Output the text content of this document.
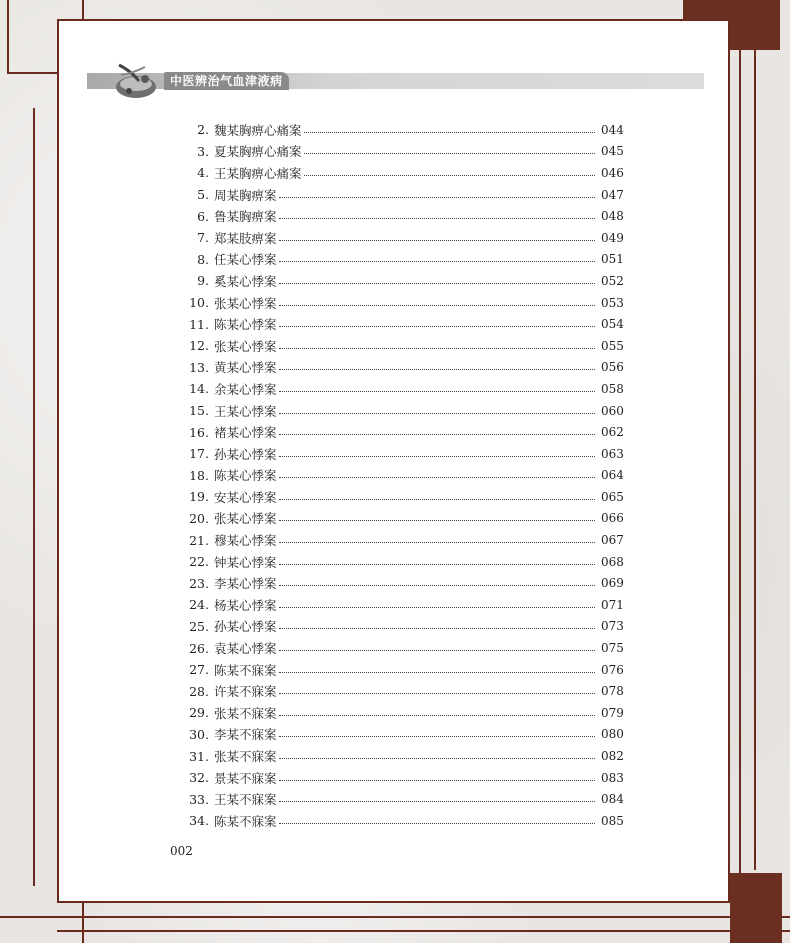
中医辨治气血津液病
2. 魏某胸痹心痛案	044
3. 夏某胸痹心痛案	045
4. 王某胸痹心痛案	046
5. 周某胸痹案	047
6. 鲁某胸痹案	048
7. 郑某肢痹案	049
8. 任某心悸案	051
9. 奚某心悸案	052
10. 张某心悸案	053
11. 陈某心悸案	054
12. 张某心悸案	055
13. 黄某心悸案	056
14. 余某心悸案	058
15. 王某心悸案	060
16. 褚某心悸案	062
17. 孙某心悸案	063
18. 陈某心悸案	064
19. 安某心悸案	065
20. 张某心悸案	066
21. 穆某心悸案	067
22. 钟某心悸案	068
23. 李某心悸案	069
24. 杨某心悸案	071
25. 孙某心悸案	073
26. 袁某心悸案	075
27. 陈某不寐案	076
28. 许某不寐案	078
29. 张某不寐案	079
30. 李某不寐案	080
31. 张某不寐案	082
32. 景某不寐案	083
33. 王某不寐案	084
34. 陈某不寐案	085
002
